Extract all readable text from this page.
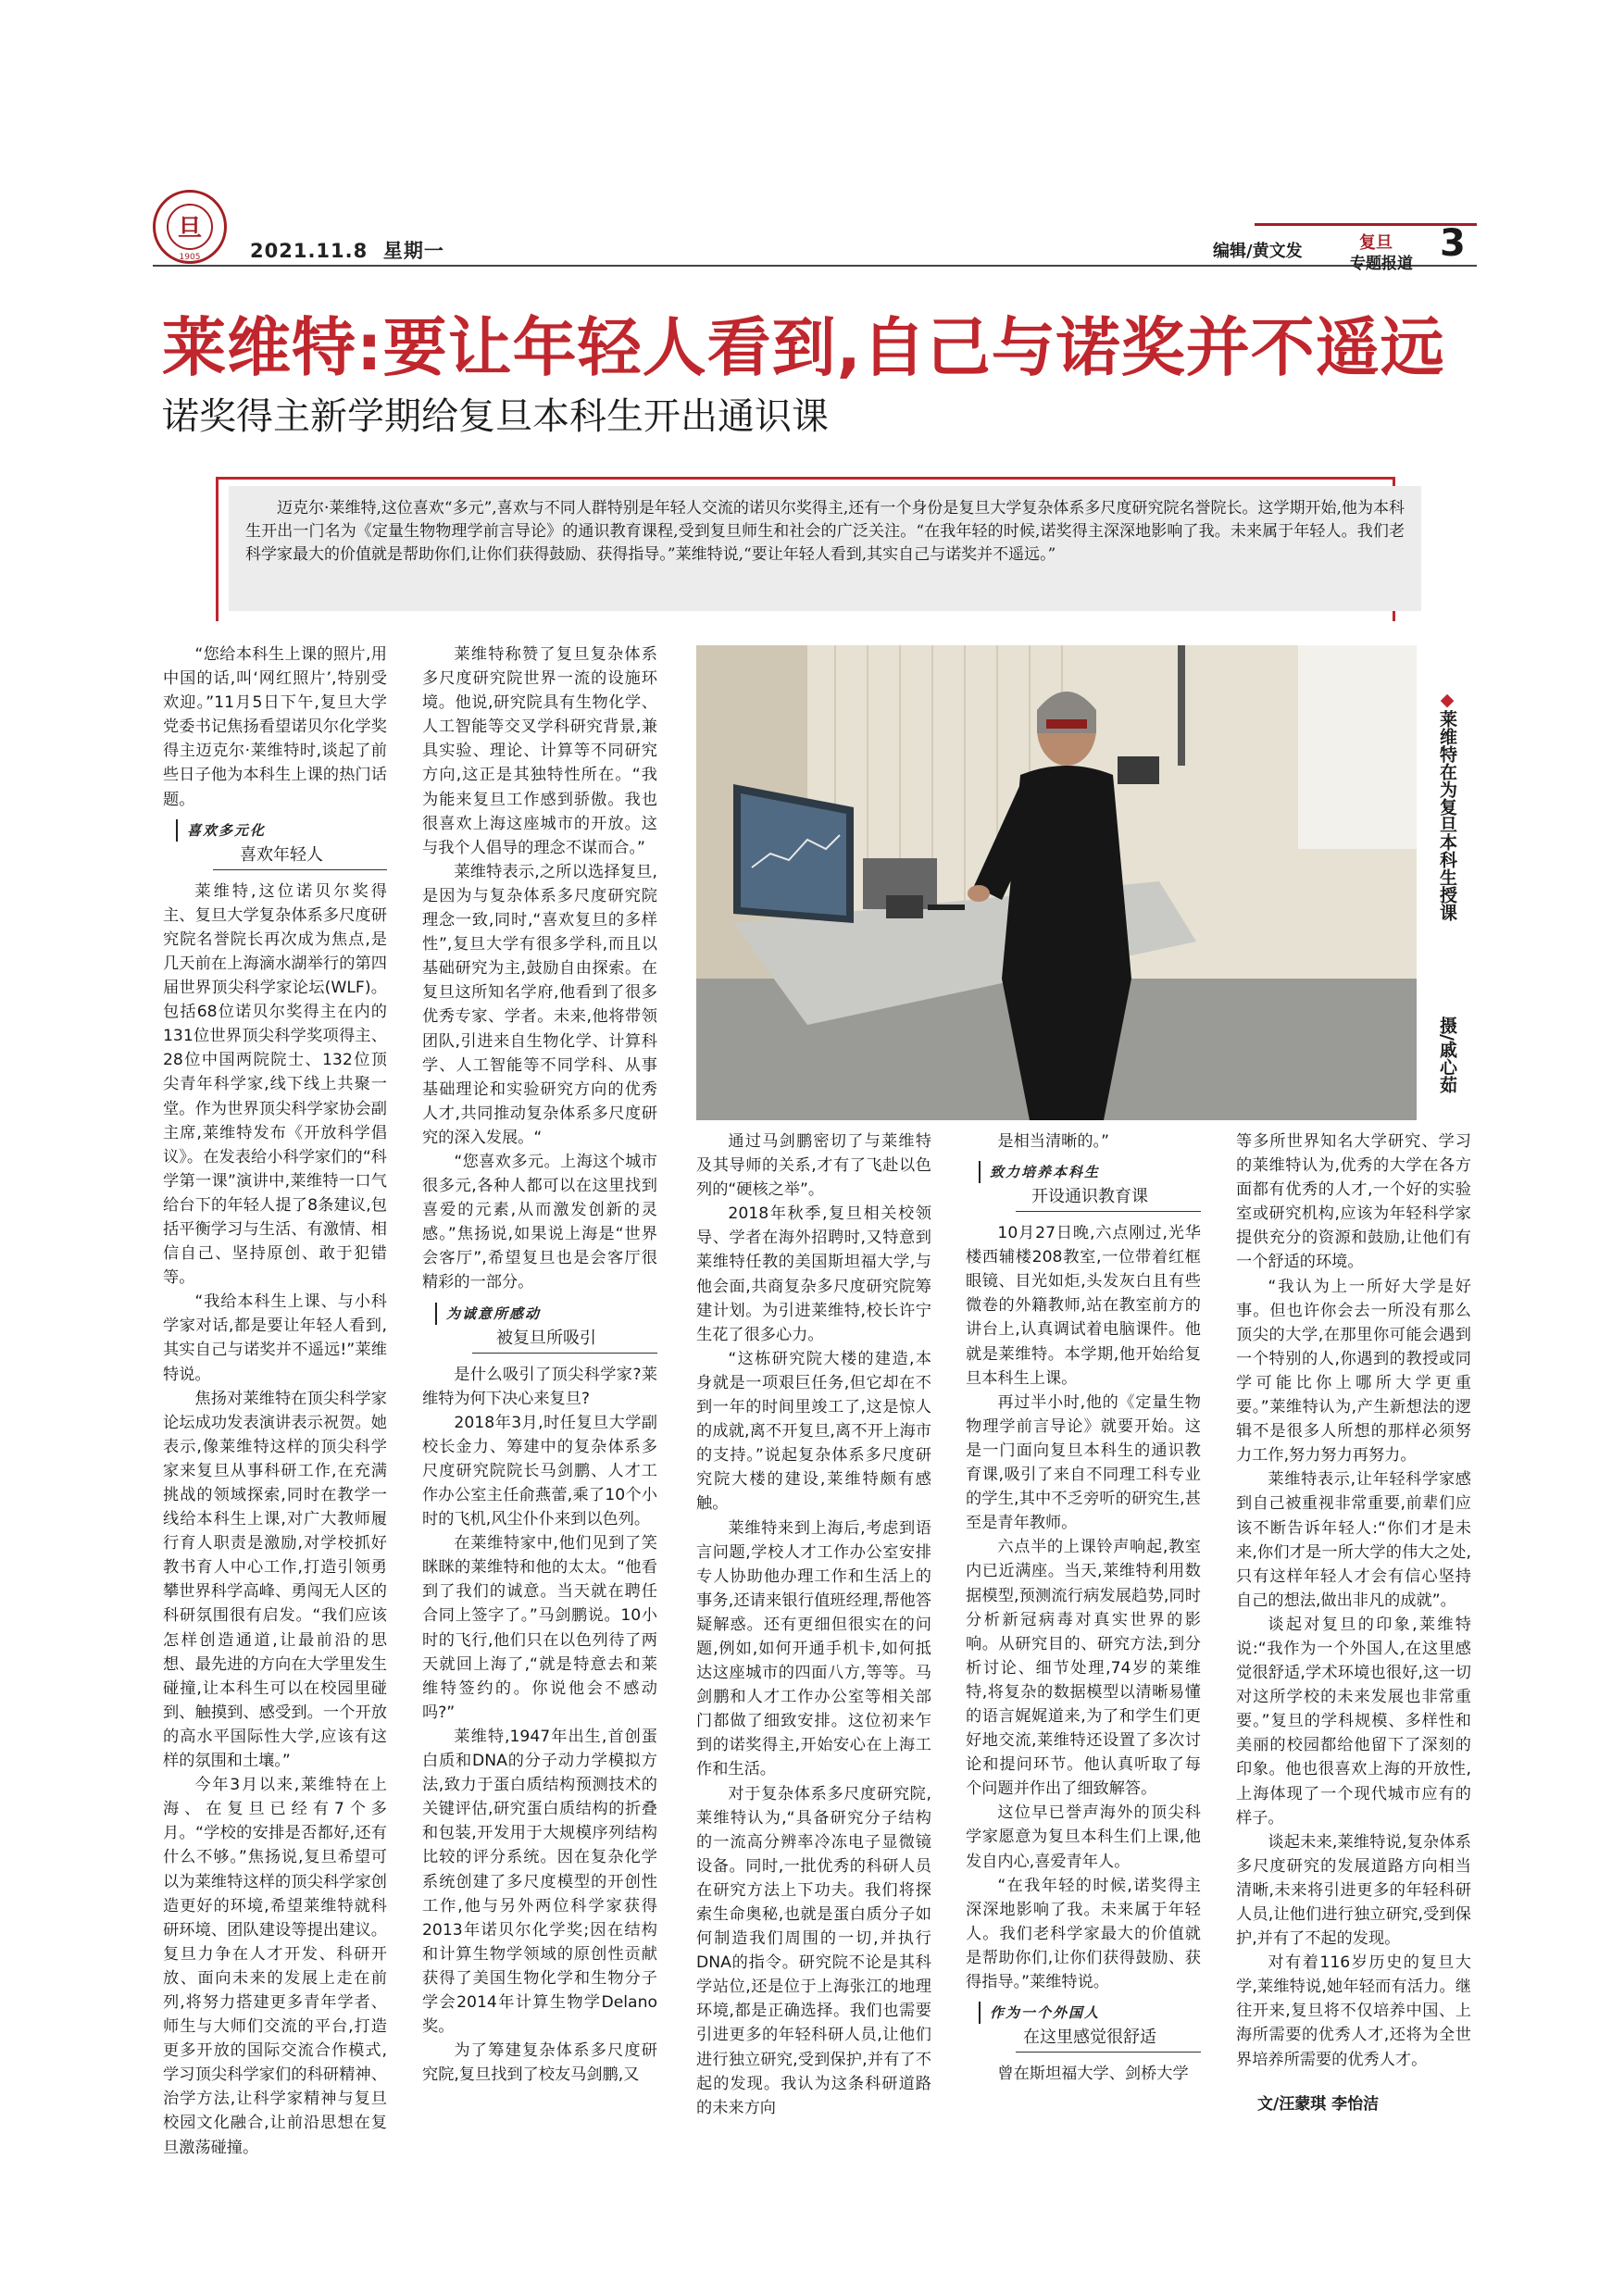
旦
1905	2021.11.8 星期一	编辑/黄文发	复旦
专题报道 3
莱维特:要让年轻人看到,自己与诺奖并不遥远
诺奖得主新学期给复旦本科生开出通识课

迈克尔·莱维特,这位喜欢“多元”,喜欢与不同人群特别是年轻人交流的诺贝尔奖得主,还有一个身份是复旦大学复杂体系多尺度研究院名誉院长。这学期开始,他为本科生开出一门名为《定量生物物理学前言导论》的通识教育课程,受到复旦师生和社会的广泛关注。“在我年轻的时候,诺奖得主深深地影响了我。未来属于年轻人。我们老科学家最大的价值就是帮助你们,让你们获得鼓励、获得指导。”莱维特说,“要让年轻人看到,其实自己与诺奖并不遥远。”

◆莱维特在为复旦本科生授课
摄/戚心茹

“您给本科生上课的照片,用中国的话,叫‘网红照片’,特别受欢迎。”11月5日下午,复旦大学党委书记焦扬看望诺贝尔化学奖得主迈克尔·莱维特时,谈起了前些日子他为本科生上课的热门话题。

喜欢多元化
喜欢年轻人

莱维特,这位诺贝尔奖得主、复旦大学复杂体系多尺度研究院名誉院长再次成为焦点,是几天前在上海滴水湖举行的第四届世界顶尖科学家论坛(WLF)。包括68位诺贝尔奖得主在内的131位世界顶尖科学奖项得主、28位中国两院院士、132位顶尖青年科学家,线下线上共聚一堂。作为世界顶尖科学家协会副主席,莱维特发布《开放科学倡议》。在发表给小科学家们的“科学第一课”演讲中,莱维特一口气给台下的年轻人提了8条建议,包括平衡学习与生活、有激情、相信自己、坚持原创、敢于犯错等。

“我给本科生上课、与小科学家对话,都是要让年轻人看到,其实自己与诺奖并不遥远!”莱维特说。

焦扬对莱维特在顶尖科学家论坛成功发表演讲表示祝贺。她表示,像莱维特这样的顶尖科学家来复旦从事科研工作,在充满挑战的领域探索,同时在教学一线给本科生上课,对广大教师履行育人职责是激励,对学校抓好教书育人中心工作,打造引领勇攀世界科学高峰、勇闯无人区的科研氛围很有启发。“我们应该怎样创造通道,让最前沿的思想、最先进的方向在大学里发生碰撞,让本科生可以在校园里碰到、触摸到、感受到。一个开放的高水平国际性大学,应该有这样的氛围和土壤。”

今年3月以来,莱维特在上海、在复旦已经有7个多月。“学校的安排是否都好,还有什么不够。”焦扬说,复旦希望可以为莱维特这样的顶尖科学家创造更好的环境,希望莱维特就科研环境、团队建设等提出建议。复旦力争在人才开发、科研开放、面向未来的发展上走在前列,将努力搭建更多青年学者、师生与大师们交流的平台,打造更多开放的国际交流合作模式,学习顶尖科学家们的科研精神、治学方法,让科学家精神与复旦校园文化融合,让前沿思想在复旦激荡碰撞。

莱维特称赞了复旦复杂体系多尺度研究院世界一流的设施环境。他说,研究院具有生物化学、人工智能等交叉学科研究背景,兼具实验、理论、计算等不同研究方向,这正是其独特性所在。“我为能来复旦工作感到骄傲。我也很喜欢上海这座城市的开放。这与我个人倡导的理念不谋而合。”

莱维特表示,之所以选择复旦,是因为与复杂体系多尺度研究院理念一致,同时,“喜欢复旦的多样性”,复旦大学有很多学科,而且以基础研究为主,鼓励自由探索。在复旦这所知名学府,他看到了很多优秀专家、学者。未来,他将带领团队,引进来自生物化学、计算科学、人工智能等不同学科、从事基础理论和实验研究方向的优秀人才,共同推动复杂体系多尺度研究的深入发展。“

“您喜欢多元。上海这个城市很多元,各种人都可以在这里找到喜爱的元素,从而激发创新的灵感。”焦扬说,如果说上海是“世界会客厅”,希望复旦也是会客厅很精彩的一部分。

为诚意所感动
被复旦所吸引

是什么吸引了顶尖科学家?莱维特为何下决心来复旦?

2018年3月,时任复旦大学副校长金力、筹建中的复杂体系多尺度研究院院长马剑鹏、人才工作办公室主任俞燕蕾,乘了10个小时的飞机,风尘仆仆来到以色列。

在莱维特家中,他们见到了笑眯眯的莱维特和他的太太。“他看到了我们的诚意。当天就在聘任合同上签字了。”马剑鹏说。10小时的飞行,他们只在以色列待了两天就回上海了,“就是特意去和莱维特签约的。你说他会不感动吗?”

莱维特,1947年出生,首创蛋白质和DNA的分子动力学模拟方法,致力于蛋白质结构预测技术的关键评估,研究蛋白质结构的折叠和包装,开发用于大规模序列结构比较的评分系统。因在复杂化学系统创建了多尺度模型的开创性工作,他与另外两位科学家获得2013年诺贝尔化学奖;因在结构和计算生物学领域的原创性贡献获得了美国生物化学和生物分子学会2014年计算生物学Delano奖。

为了筹建复杂体系多尺度研究院,复旦找到了校友马剑鹏,又

通过马剑鹏密切了与莱维特及其导师的关系,才有了飞赴以色列的“硬核之举”。

2018年秋季,复旦相关校领导、学者在海外招聘时,又特意到莱维特任教的美国斯坦福大学,与他会面,共商复杂多尺度研究院筹建计划。为引进莱维特,校长许宁生花了很多心力。

“这栋研究院大楼的建造,本身就是一项艰巨任务,但它却在不到一年的时间里竣工了,这是惊人的成就,离不开复旦,离不开上海市的支持。”说起复杂体系多尺度研究院大楼的建设,莱维特颇有感触。

莱维特来到上海后,考虑到语言问题,学校人才工作办公室安排专人协助他办理工作和生活上的事务,还请来银行值班经理,帮他答疑解惑。还有更细但很实在的问题,例如,如何开通手机卡,如何抵达这座城市的四面八方,等等。马剑鹏和人才工作办公室等相关部门都做了细致安排。这位初来乍到的诺奖得主,开始安心在上海工作和生活。

对于复杂体系多尺度研究院,莱维特认为,“具备研究分子结构的一流高分辨率冷冻电子显微镜设备。同时,一批优秀的科研人员在研究方法上下功夫。我们将探索生命奥秘,也就是蛋白质分子如何制造我们周围的一切,并执行DNA的指令。研究院不论是其科学站位,还是位于上海张江的地理环境,都是正确选择。我们也需要引进更多的年轻科研人员,让他们进行独立研究,受到保护,并有了不起的发现。我认为这条科研道路的未来方向

是相当清晰的。”

致力培养本科生
开设通识教育课

10月27日晚,六点刚过,光华楼西辅楼208教室,一位带着红框眼镜、目光如炬,头发灰白且有些微卷的外籍教师,站在教室前方的讲台上,认真调试着电脑课件。他就是莱维特。本学期,他开始给复旦本科生上课。

再过半小时,他的《定量生物物理学前言导论》就要开始。这是一门面向复旦本科生的通识教育课,吸引了来自不同理工科专业的学生,其中不乏旁听的研究生,甚至是青年教师。

六点半的上课铃声响起,教室内已近满座。当天,莱维特利用数据模型,预测流行病发展趋势,同时分析新冠病毒对真实世界的影响。从研究目的、研究方法,到分析讨论、细节处理,74岁的莱维特,将复杂的数据模型以清晰易懂的语言娓娓道来,为了和学生们更好地交流,莱维特还设置了多次讨论和提问环节。他认真听取了每个问题并作出了细致解答。

这位早已誉声海外的顶尖科学家愿意为复旦本科生们上课,他发自内心,喜爱青年人。

“在我年轻的时候,诺奖得主深深地影响了我。未来属于年轻人。我们老科学家最大的价值就是帮助你们,让你们获得鼓励、获得指导。”莱维特说。

作为一个外国人
在这里感觉很舒适

曾在斯坦福大学、剑桥大学

等多所世界知名大学研究、学习的莱维特认为,优秀的大学在各方面都有优秀的人才,一个好的实验室或研究机构,应该为年轻科学家提供充分的资源和鼓励,让他们有一个舒适的环境。

“我认为上一所好大学是好事。但也许你会去一所没有那么顶尖的大学,在那里你可能会遇到一个特别的人,你遇到的教授或同学可能比你上哪所大学更重要。”莱维特认为,产生新想法的逻辑不是很多人所想的那样必须努力工作,努力努力再努力。

莱维特表示,让年轻科学家感到自己被重视非常重要,前辈们应该不断告诉年轻人:“你们才是未来,你们才是一所大学的伟大之处,只有这样年轻人才会有信心坚持自己的想法,做出非凡的成就”。

谈起对复旦的印象,莱维特说:“我作为一个外国人,在这里感觉很舒适,学术环境也很好,这一切对这所学校的未来发展也非常重要。”复旦的学科规模、多样性和美丽的校园都给他留下了深刻的印象。他也很喜欢上海的开放性,上海体现了一个现代城市应有的样子。

谈起未来,莱维特说,复杂体系多尺度研究的发展道路方向相当清晰,未来将引进更多的年轻科研人员,让他们进行独立研究,受到保护,并有了不起的发现。

对有着116岁历史的复旦大学,莱维特说,她年轻而有活力。继往开来,复旦将不仅培养中国、上海所需要的优秀人才,还将为全世界培养所需要的优秀人才。

文/汪蒙琪 李怡洁
